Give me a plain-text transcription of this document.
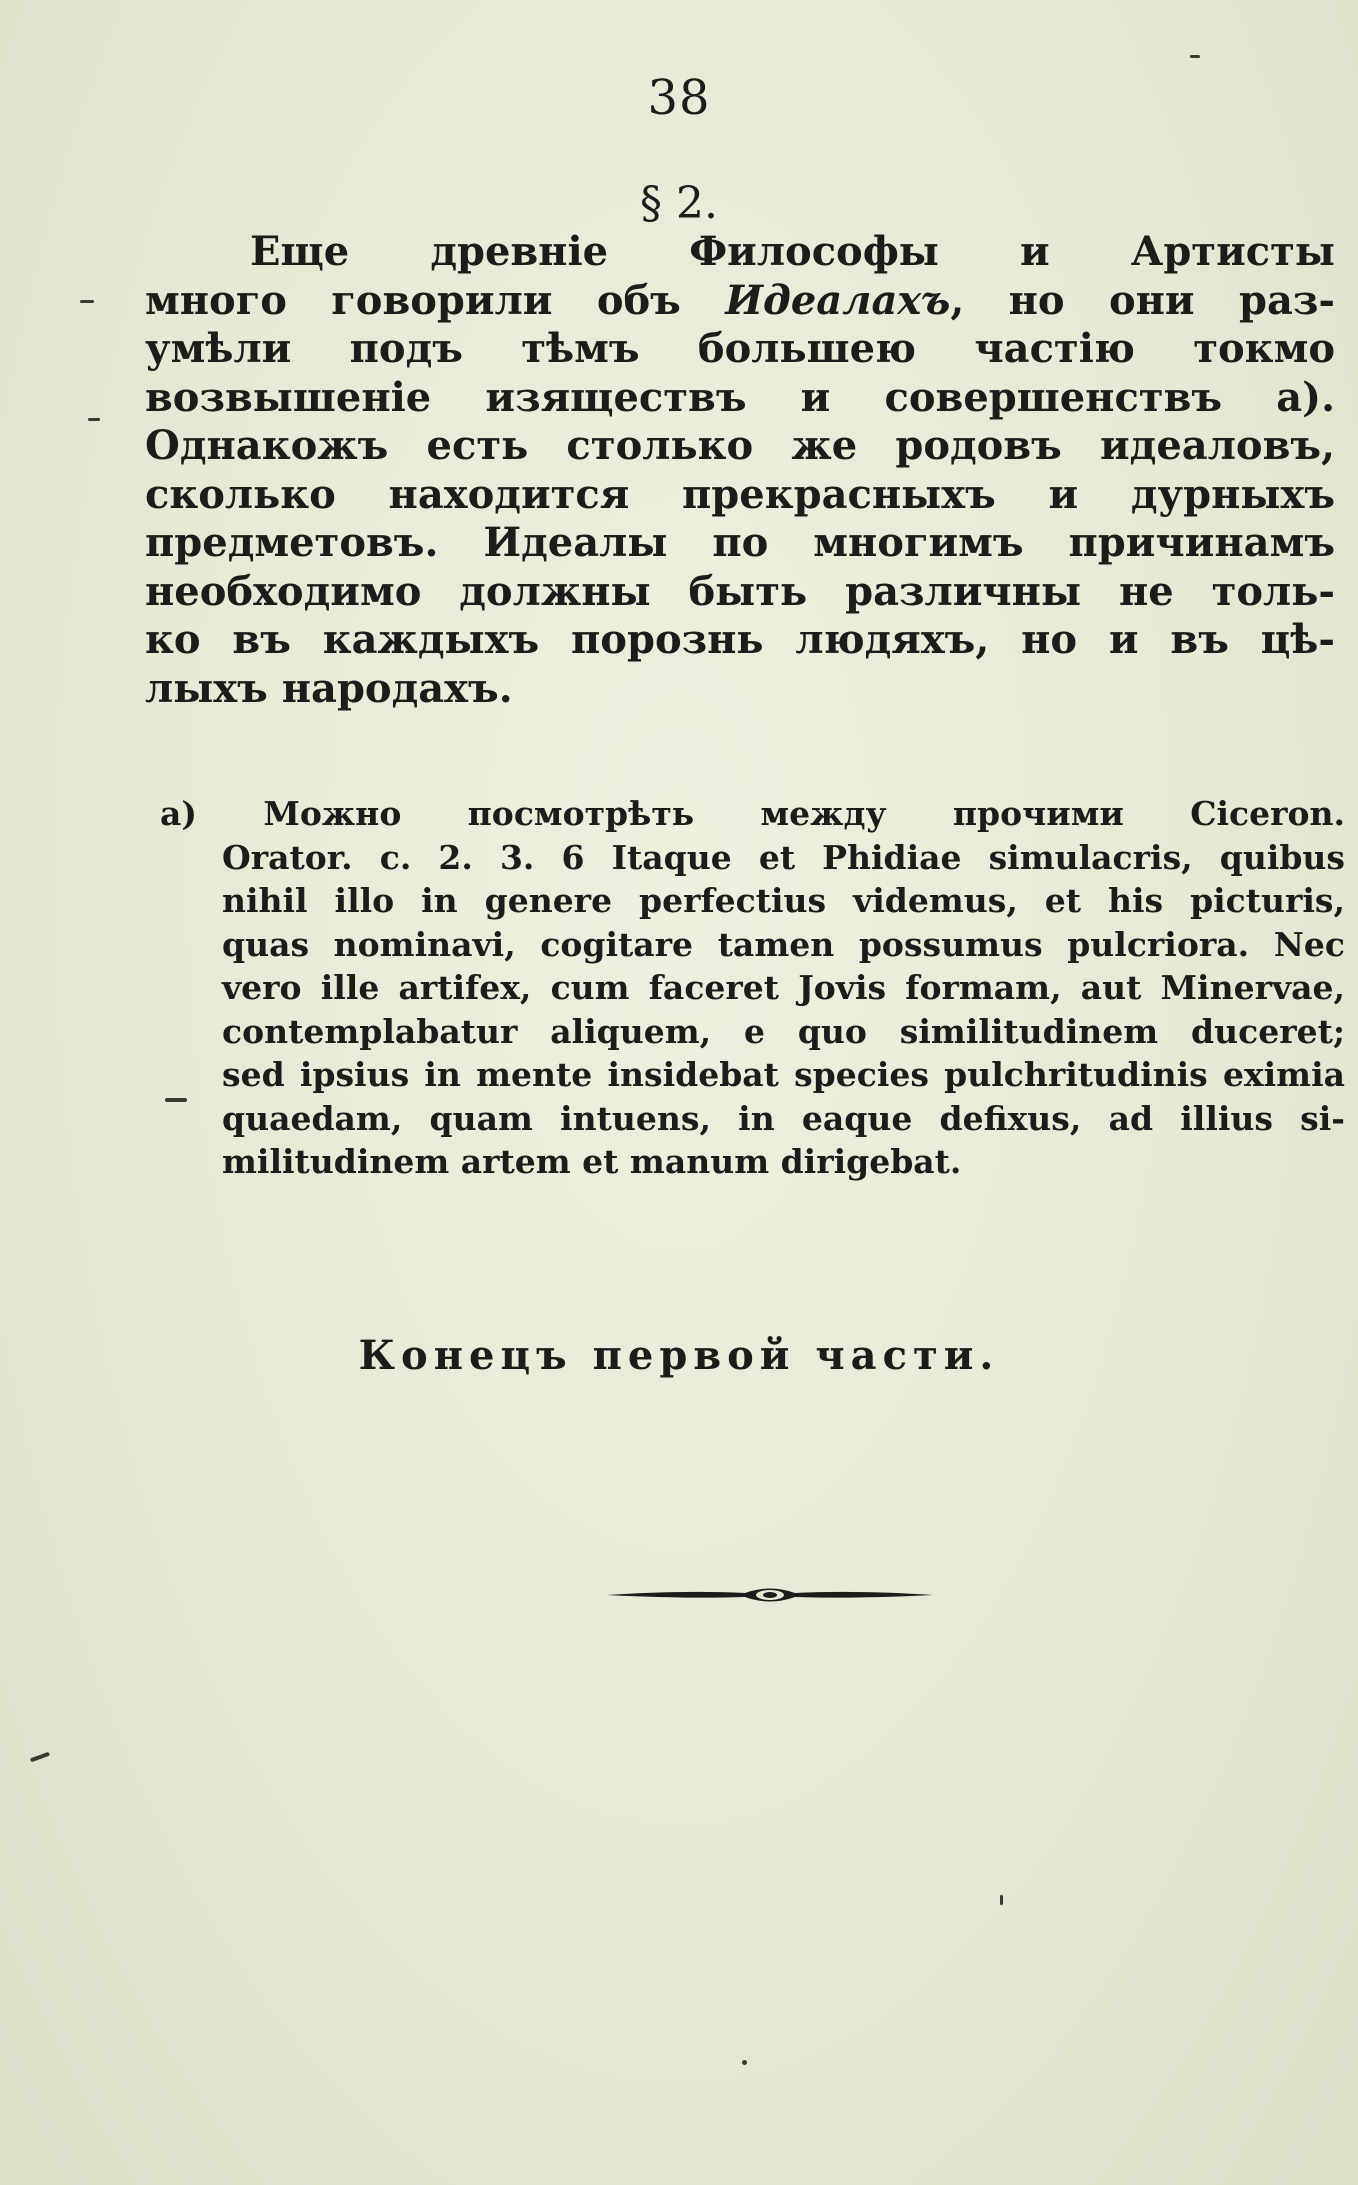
38
§ 2.
Еще древніе Философы и Артисты
много говорили объ Идеалахъ, но они раз-
умѣли подъ тѣмъ большею частію токмо
возвышеніе изяществъ и совершенствъ а).
Однакожъ есть столько же родовъ идеаловъ,
сколько находится прекрасныхъ и дурныхъ
предметовъ. Идеалы по многимъ причинамъ
необходимо должны быть различны не толь-
ко въ каждыхъ порознь людяхъ, но и въ цѣ-
лыхъ народахъ.
a) Можно посмотрѣть между прочими Ciceron.
Orator. c. 2. 3. 6 Itaque et Phidiae simulacris, quibus
nihil illo in genere perfectius videmus, et his picturis,
quas nominavi, cogitare tamen possumus pulcriora. Nec
vero ille artifex, cum faceret Jovis formam, aut Minervae,
contemplabatur aliquem, e quo similitudinem duceret;
sed ipsius in mente insidebat species pulchritudinis eximia
quaedam, quam intuens, in eaque defixus, ad illius si-
militudinem artem et manum dirigebat.
Конецъ первой части.
